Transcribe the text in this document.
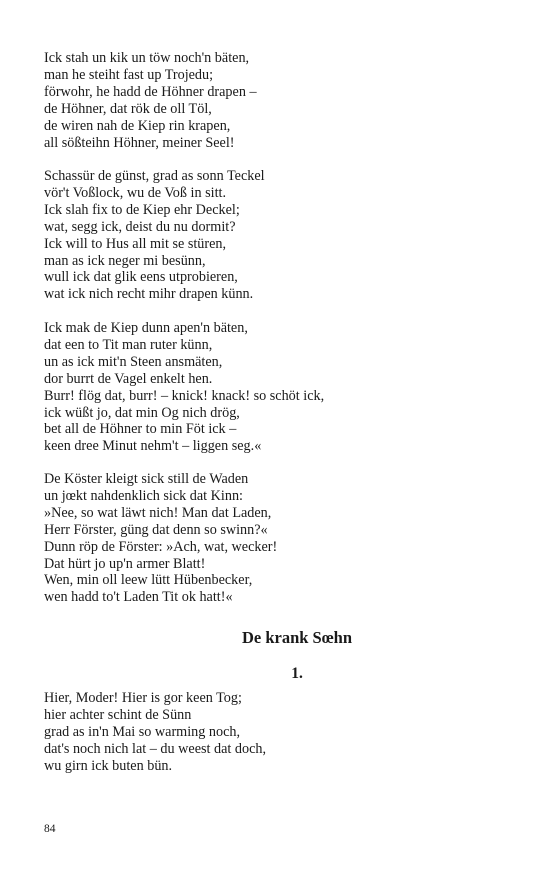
Ick stah un kik un töw noch'n bäten,
man he steiht fast up Trojedu;
förwohr, he hadd de Höhner drapen –
de Höhner, dat rök de oll Töl,
de wiren nah de Kiep rin krapen,
all sößteihn Höhner, meiner Seel!
Schassür de günst, grad as sonn Teckel
vör't Voßlock, wu de Voß in sitt.
Ick slah fix to de Kiep ehr Deckel;
wat, segg ick, deist du nu dormit?
Ick will to Hus all mit se stüren,
man as ick neger mi besünn,
wull ick dat glik eens utprobieren,
wat ick nich recht mihr drapen künn.
Ick mak de Kiep dunn apen'n bäten,
dat een to Tit man ruter künn,
un as ick mit'n Steen ansmäten,
dor burrt de Vagel enkelt hen.
Burr! flög dat, burr! – knick! knack! so schöt ick,
ick wüßt jo, dat min Og nich drög,
bet all de Höhner to min Föt ick –
keen dree Minut nehm't – liggen seg.«
De Köster kleigt sick still de Waden
un jœkt nahdenklich sick dat Kinn:
»Nee, so wat läwt nich! Man dat Laden,
Herr Förster, güng dat denn so swinn?«
Dunn röp de Förster: »Ach, wat, wecker!
Dat hürt jo up'n armer Blatt!
Wen, min oll leew lütt Hübenbecker,
wen hadd to't Laden Tit ok hatt!«
De krank Sœhn
1.
Hier, Moder! Hier is gor keen Tog;
hier achter schint de Sünn
grad as in'n Mai so warming noch,
dat's noch nich lat – du weest dat doch,
wu girn ick buten bün.
84
